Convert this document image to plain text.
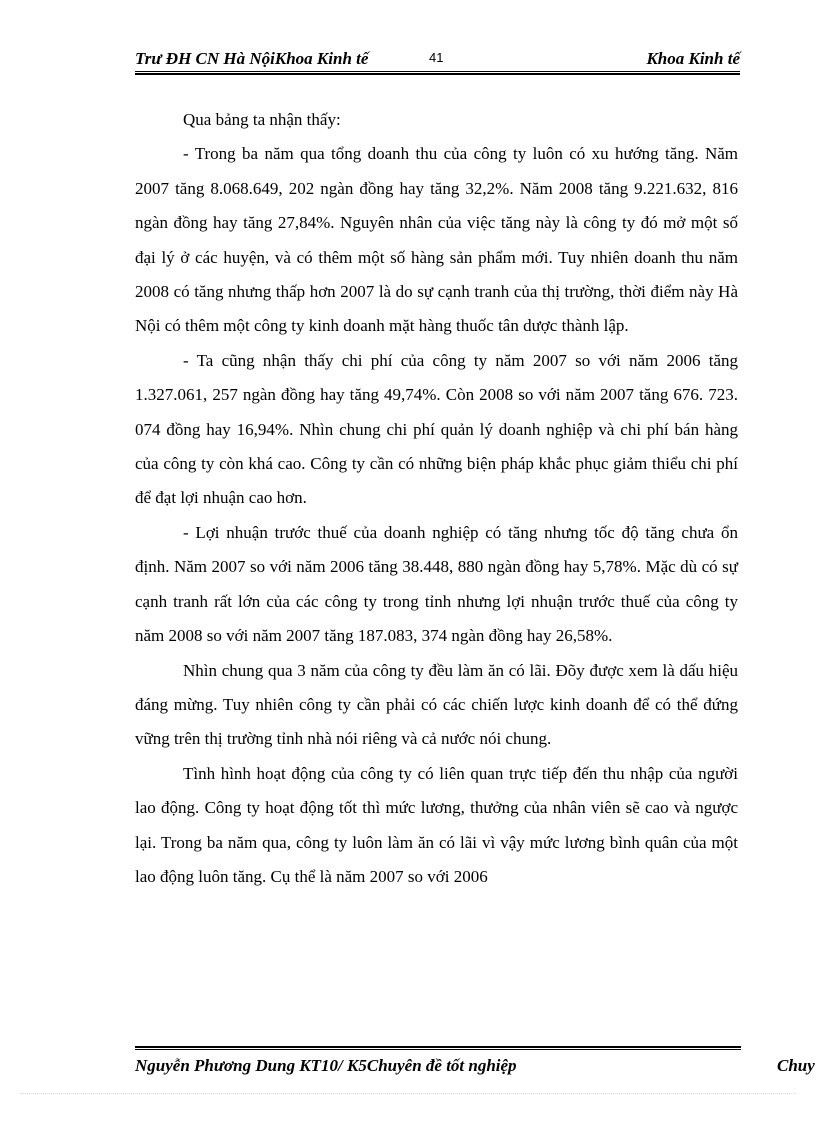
Trư ĐH CN Hà NộiKhoa Kinh tế	41	Khoa Kinh tế

Qua bảng ta nhận thấy:

- Trong ba năm qua tổng doanh thu của công ty luôn có xu hướng tăng. Năm 2007 tăng 8.068.649, 202 ngàn đồng hay tăng 32,2%. Năm 2008 tăng 9.221.632, 816 ngàn đồng hay tăng 27,84%. Nguyên nhân của việc tăng này là công ty đó mở một số đại lý ở các huyện, và có thêm một số hàng sản phẩm mới. Tuy nhiên doanh thu năm 2008 có tăng nhưng thấp hơn 2007 là do sự cạnh tranh của thị trường, thời điểm này Hà Nội có thêm một công ty kinh doanh mặt hàng thuốc tân dược thành lập.

- Ta cũng nhận thấy chi phí của công ty năm 2007 so với năm 2006 tăng 1.327.061, 257 ngàn đồng hay tăng 49,74%. Còn 2008 so với năm 2007 tăng 676. 723. 074 đồng hay 16,94%. Nhìn chung chi phí quản lý doanh nghiệp và chi phí bán hàng của công ty còn khá cao. Công ty cần có những biện pháp khắc phục giảm thiểu chi phí để đạt lợi nhuận cao hơn.

- Lợi nhuận trước thuế của doanh nghiệp có tăng nhưng tốc độ tăng chưa ổn định. Năm 2007 so với năm 2006 tăng 38.448, 880 ngàn đồng hay 5,78%. Mặc dù có sự cạnh tranh rất lớn của các công ty trong tỉnh nhưng lợi nhuận trước thuế của công ty năm 2008 so với năm 2007 tăng 187.083, 374 ngàn đồng hay 26,58%.

Nhìn chung qua 3 năm của công ty đều làm ăn có lãi. Đõy được xem là dấu hiệu đáng mừng. Tuy nhiên công ty cần phải có các chiến lược kinh doanh để có thể đứng vững trên thị trường tỉnh nhà nói riêng và cả nước nói chung.

Tình hình hoạt động của công ty có liên quan trực tiếp đến thu nhập của người lao động. Công ty hoạt động tốt thì mức lương, thưởng của nhân viên sẽ cao và ngược lại. Trong ba năm qua, công ty luôn làm ăn có lãi vì vậy mức lương bình quân của một lao động luôn tăng. Cụ thể là năm 2007 so với 2006

Nguyễn Phương Dung KT10/ K5Chuyên đề tốt nghiệp	Chuy
